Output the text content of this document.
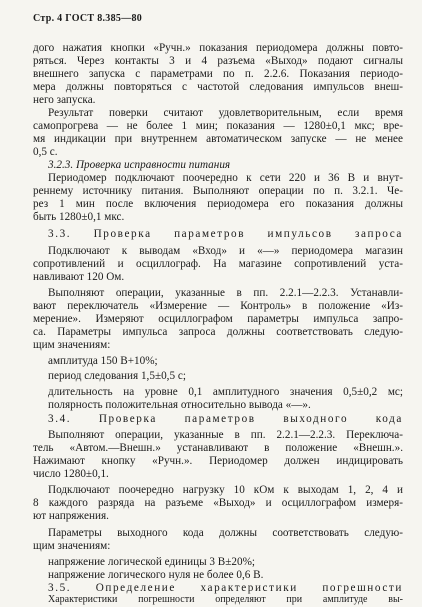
Стр. 4 ГОСТ 8.385—80
дого нажатия кнопки «Ручн.» показания периодомера должны повто-
ряться. Через контакты 3 и 4 разъема «Выход» подают сигналы
внешнего запуска с параметрами по п. 2.2.6. Показания периодо-
мера должны повторяться с частотой следования импульсов внеш-
него запуска.
Результат поверки считают удовлетворительным, если время
самопрогрева — не более 1 мин; показания — 1280±0,1 мкс; вре-
мя индикации при внутреннем автоматическом запуске — не менее
0,5 с.
3.2.3. Проверка исправности питания
Периодомер подключают поочередно к сети 220 и 36 В и внут-
реннему источнику питания. Выполняют операции по п. 3.2.1. Че-
рез 1 мин после включения периодомера его показания должны
быть 1280±0,1 мкс.
3.3. Проверка параметров импульсов запроса
Подключают к выводам «Вход» и «—» периодомера магазин
сопротивлений и осциллограф. На магазине сопротивлений уста-
навливают 120 Ом.
Выполняют операции, указанные в пп. 2.2.1—2.2.3. Устанавли-
вают переключатель «Измерение — Контроль» в положение «Из-
мерение». Измеряют осциллографом параметры импульса запро-
са. Параметры импульса запроса должны соответствовать следую-
щим значениям:
амплитуда 150 В+10%;
период следования 1,5±0,5 с;
длительность на уровне 0,1 амплитудного значения 0,5±0,2 мс;
полярность положительная относительно вывода «—».
3.4. Проверка параметров выходного кода
Выполняют операции, указанные в пп. 2.2.1—2.2.3. Переключа-
тель «Автом.—Внешн.» устанавливают в положение «Внешн.».
Нажимают кнопку «Ручн.». Периодомер должен индицировать
число 1280±0,1.
Подключают поочередно нагрузку 10 кОм к выходам 1, 2, 4 и
8 каждого разряда на разъеме «Выход» и осциллографом измеря-
ют напряжения.
Параметры выходного кода должны соответствовать следую-
щим значениям:
напряжение логической единицы 3 В±20%;
напряжение логического нуля не более 0,6 В.
3.5. Определение характеристики погрешности
Характеристики погрешности определяют при амплитуде вы-
